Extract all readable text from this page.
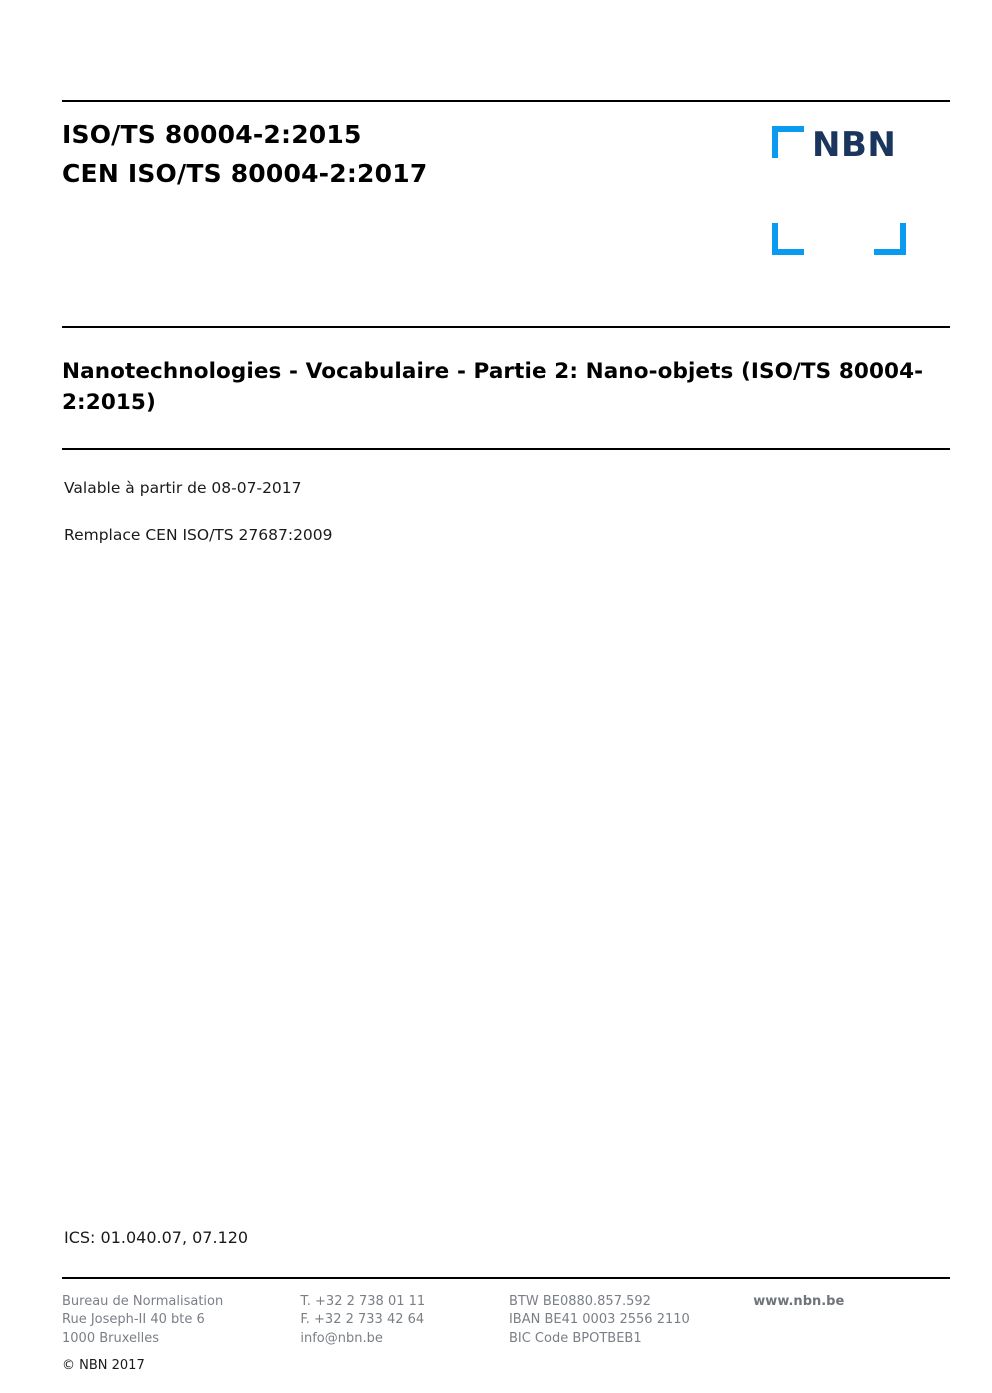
ISO/TS 80004-2:2015
CEN ISO/TS 80004-2:2017
NBN
Nanotechnologies - Vocabulaire - Partie 2: Nano-objets (ISO/TS 80004-2:2015)
Valable à partir de 08-07-2017
Remplace CEN ISO/TS 27687:2009
ICS: 01.040.07, 07.120
Bureau de Normalisation
Rue Joseph-II 40 bte 6
1000 Bruxelles
T. +32 2 738 01 11
F. +32 2 733 42 64
info@nbn.be
BTW BE0880.857.592
IBAN BE41 0003 2556 2110
BIC Code BPOTBEB1
www.nbn.be
© NBN 2017
